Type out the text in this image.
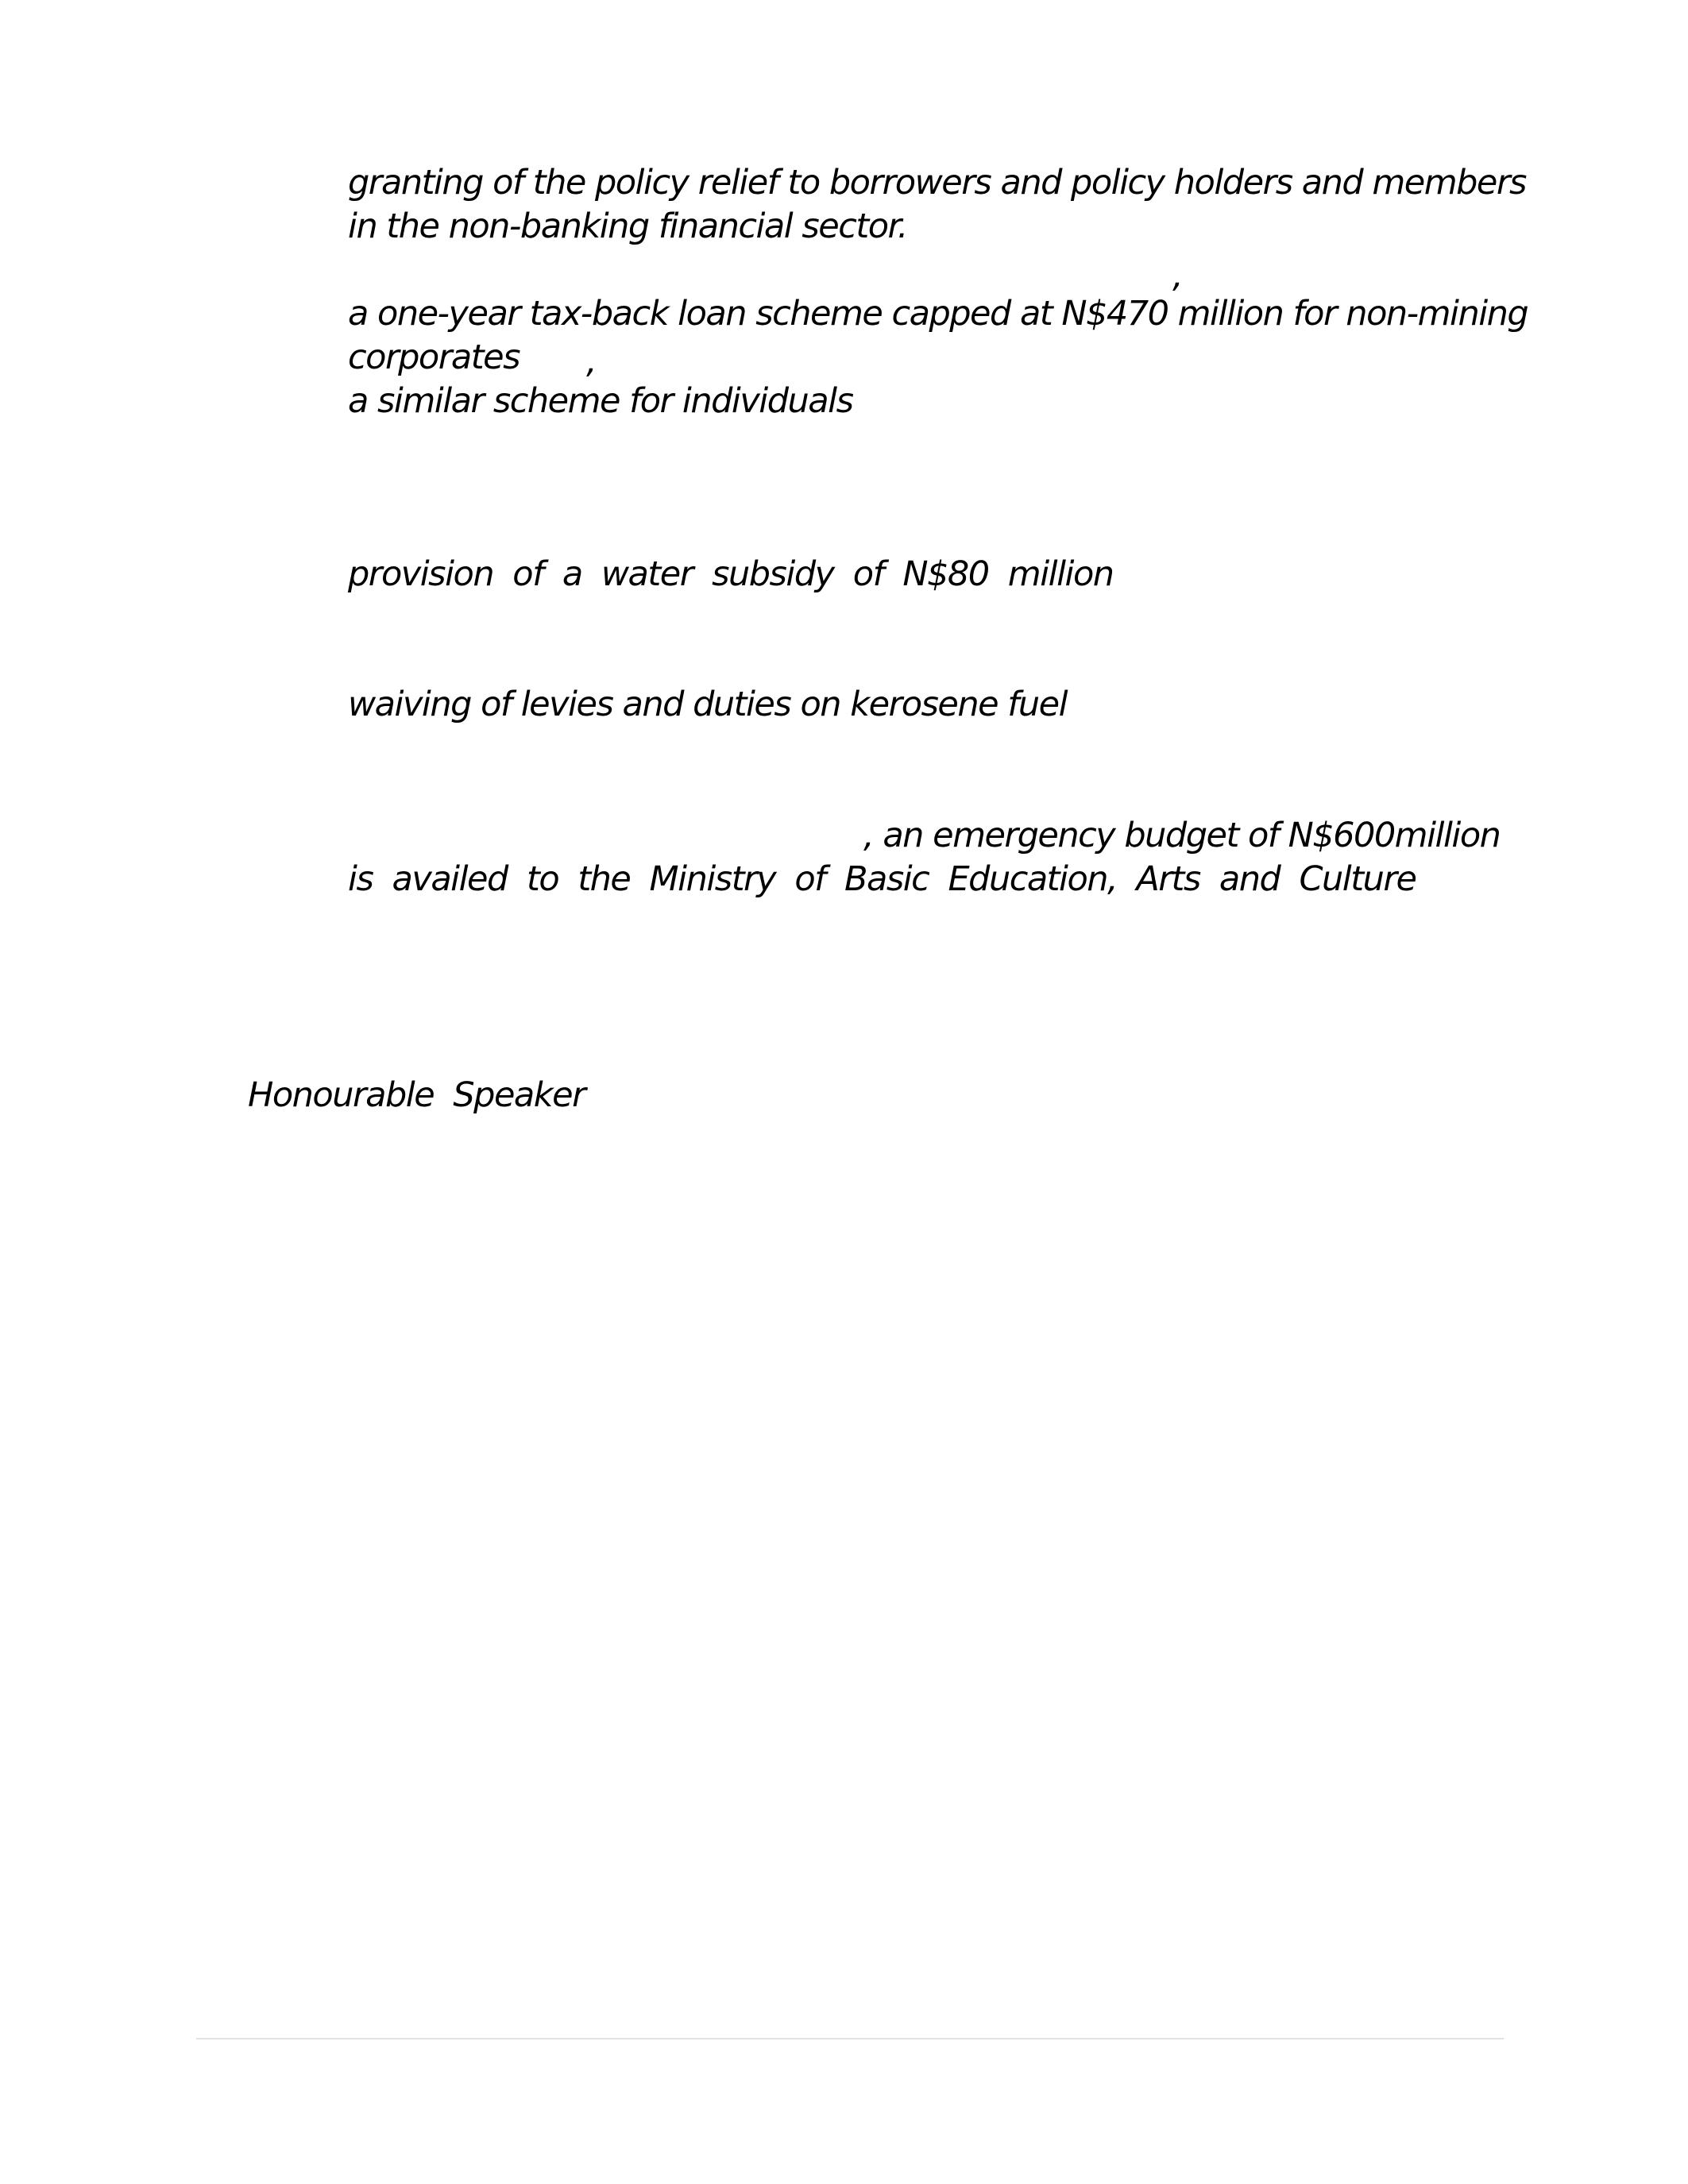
granting of the policy relief to borrowers and policy holders and members
in the non-banking financial sector.
,
a one-year tax-back loan scheme capped at N$470 million for non-mining
corporates ,
a similar scheme for individuals
provision of a water subsidy of N$80 million
waiving of levies and duties on kerosene fuel
, an emergency budget of N$600million
is availed to the Ministry of Basic Education, Arts and Culture
Honourable Speaker
